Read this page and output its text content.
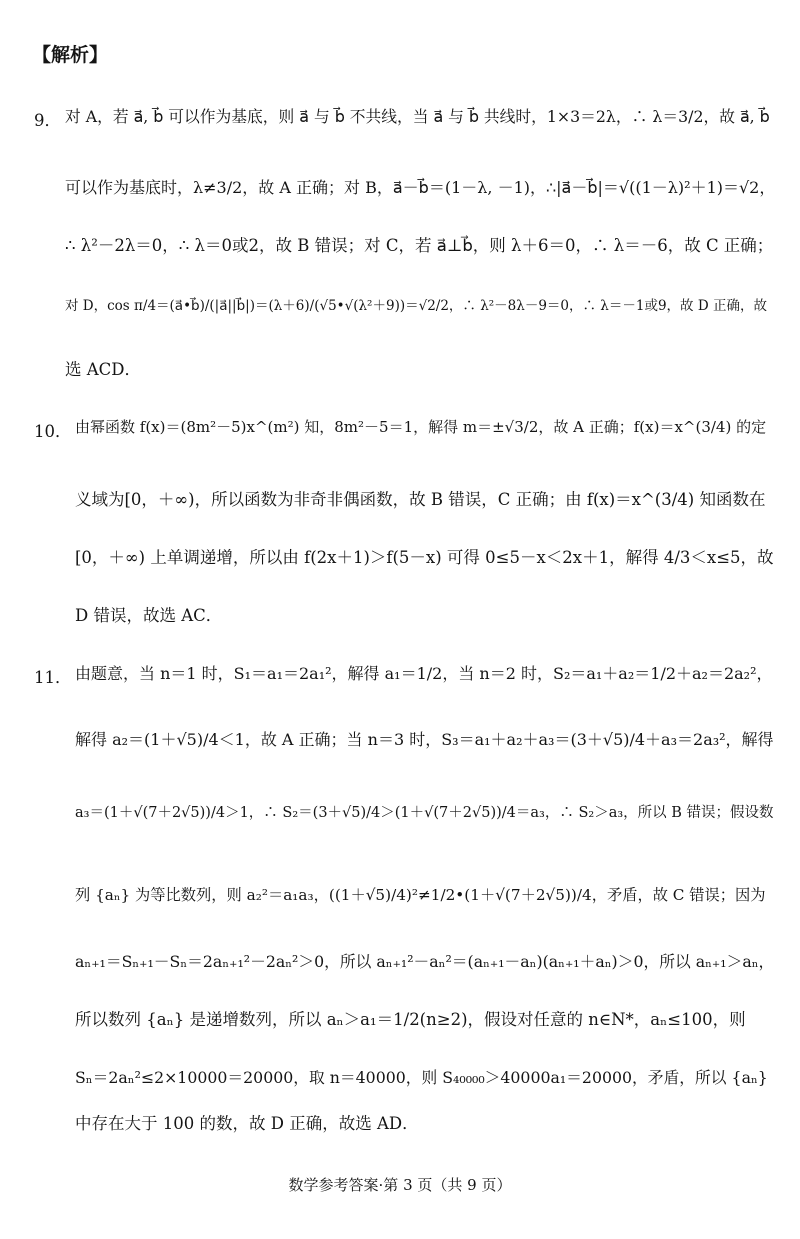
【解析】
9． 对 A，若 a⃗, b⃗ 可以作为基底，则 a⃗ 与 b⃗ 不共线，当 a⃗ 与 b⃗ 共线时，1×3＝2λ，∴ λ＝3/2，故 a⃗, b⃗
可以作为基底时，λ≠3/2，故 A 正确；对 B，a⃗－b⃗＝(1－λ, －1)，∴|a⃗－b⃗|＝√((1－λ)²＋1)＝√2，
∴ λ²－2λ＝0，∴ λ＝0或2，故 B 错误；对 C，若 a⃗⊥b⃗，则 λ＋6＝0，∴ λ＝－6，故 C 正确；
对 D，cos π/4＝(a⃗•b⃗)/(|a⃗||b⃗|)＝(λ＋6)/(√5•√(λ²＋9))＝√2/2，∴ λ²－8λ－9＝0，∴ λ＝－1或9，故 D 正确，故
选 ACD．
10． 由幂函数 f(x)＝(8m²－5)x^(m²) 知，8m²－5＝1，解得 m＝±√3/2，故 A 正确；f(x)＝x^(3/4) 的定
义域为[0，＋∞)，所以函数为非奇非偶函数，故 B 错误，C 正确；由 f(x)＝x^(3/4) 知函数在
[0，＋∞) 上单调递增，所以由 f(2x＋1)＞f(5－x) 可得 0≤5－x＜2x＋1，解得 4/3＜x≤5，故
D 错误，故选 AC．
11． 由题意，当 n＝1 时，S₁＝a₁＝2a₁²，解得 a₁＝1/2，当 n＝2 时，S₂＝a₁＋a₂＝1/2＋a₂＝2a₂²，
解得 a₂＝(1＋√5)/4＜1，故 A 正确；当 n＝3 时，S₃＝a₁＋a₂＋a₃＝(3＋√5)/4＋a₃＝2a₃²，解得
a₃＝(1＋√(7＋2√5))/4＞1，∴ S₂＝(3＋√5)/4＞(1＋√(7＋2√5))/4＝a₃，∴ S₂＞a₃，所以 B 错误；假设数
列 {aₙ} 为等比数列，则 a₂²＝a₁a₃，((1＋√5)/4)²≠1/2•(1＋√(7＋2√5))/4，矛盾，故 C 错误；因为
aₙ₊₁＝Sₙ₊₁－Sₙ＝2aₙ₊₁²－2aₙ²＞0，所以 aₙ₊₁²－aₙ²＝(aₙ₊₁－aₙ)(aₙ₊₁＋aₙ)＞0，所以 aₙ₊₁＞aₙ，
所以数列 {aₙ} 是递增数列，所以 aₙ＞a₁＝1/2(n≥2)，假设对任意的 n∈N*，aₙ≤100，则
Sₙ＝2aₙ²≤2×10000＝20000，取 n＝40000，则 S₄₀₀₀₀＞40000a₁＝20000，矛盾，所以 {aₙ}
中存在大于 100 的数，故 D 正确，故选 AD．
数学参考答案·第 3 页（共 9 页）
